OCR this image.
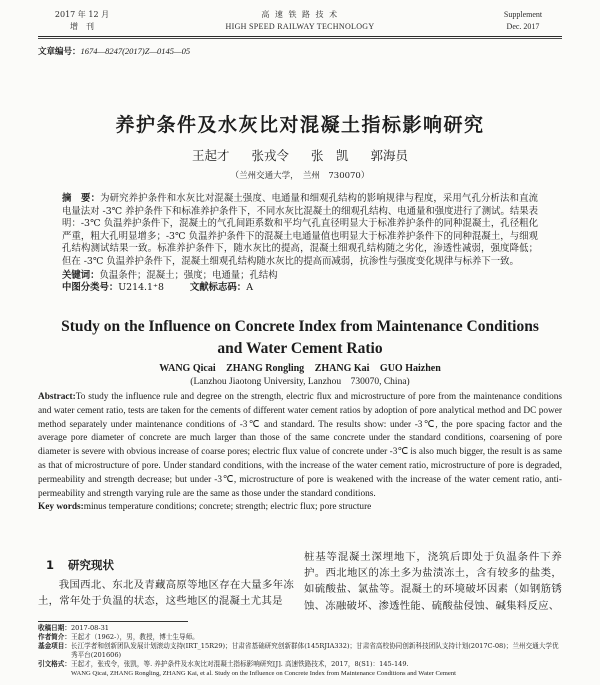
2017 年 12 月
增　刊
高 速 铁 路 技 术
HIGH SPEED RAILWAY TECHNOLOGY
Supplement
Dec. 2017
文章编号：1674—8247(2017)Z—0145—05
养护条件及水灰比对混凝土指标影响研究
王起才 张戎令 张　凯 郭海员
（兰州交通大学，　兰州　730070）

摘　要：为研究养护条件和水灰比对混凝土强度、电通量和细观孔结构的影响规律与程度，采用气孔分析法和直流电量法对 -3℃ 养护条件下和标准养护条件下，不同水灰比混凝土的细观孔结构、电通量和强度进行了测试。结果表明：-3℃ 负温养护条件下，混凝土的气孔间距系数和平均气孔直径明显大于标准养护条件的同种混凝土，孔径粗化严重，粗大孔明显增多；-3℃ 负温养护条件下的混凝土电通量值也明显大于标准养护条件下的同种混凝土，与细观孔结构测试结果一致。标准养护条件下，随水灰比的提高，混凝土细观孔结构随之劣化，渗透性减弱，强度降低；但在 -3℃ 负温养护条件下，混凝土细观孔结构随水灰比的提高而减弱，抗渗性与强度变化规律与标养下一致。

关键词：负温条件；混凝土；强度；电通量；孔结构

中图分类号：U214.1⁺8	文献标志码：A

Study on the Influence on Concrete Index from Maintenance Conditions
and Water Cement Ratio
WANG Qicai ZHANG Rongling ZHANG Kai GUO Haizhen
(Lanzhou Jiaotong University, Lanzhou　730070, China)

Abstract:To study the influence rule and degree on the strength, electric flux and microstructure of pore from the maintenance conditions and water cement ratio, tests are taken for the cements of different water cement ratios by adoption of pore analytical method and DC power method separately under maintenance conditions of -3℃ and standard. The results show: under -3℃, the pore spacing factor and the average pore diameter of concrete are much larger than those of the same concrete under the standard conditions, coarsening of pore diameter is severe with obvious increase of coarse pores; electric flux value of concrete under -3℃ is also much bigger, the result is as same as that of microstructure of pore. Under standard conditions, with the increase of the water cement ratio, microstructure of pore is degraded, permeability and strength decrease; but under -3℃, microstructure of pore is weakened with the increase of the water cement ratio, anti-permeability and strength varying rule are the same as those under the standard conditions.

Key words:minus temperature conditions; concrete; strength; electric flux; pore structure

1 研究现状

我国西北、东北及青藏高原等地区存在大量多年冻土，常年处于负温的状态，这些地区的混凝土尤其是

桩基等混凝土深埋地下，浇筑后即处于负温条件下养护。西北地区的冻土多为盐渍冻土，含有较多的盐类，如硫酸盐、氯盐等。混凝土的环境破坏因素（如钢筋锈蚀、冻融破坏、渗透性能、硫酸盐侵蚀、碱集料反应、

收稿日期：2017-08-31

作者简介：王起才（1962-），男，教授，博士生导师。

基金项目：长江学者和创新团队发展计划滚动支持(IRT_15R29)；甘肃省基础研究创新群体(145RJIA332)；甘肃省高校协同创新科技团队支持计划(2017C-08)；兰州交通大学优秀平台(201606)

引文格式：王起才，张戎令，张凯，等. 养护条件及水灰比对混凝土指标影响研究[J]. 高速铁路技术，2017，8(S1)：145-149.

WANG Qicai, ZHANG Rongling, ZHANG Kai, et al. Study on the Influence on Concrete Index from Maintenance Conditions and Water Cement
